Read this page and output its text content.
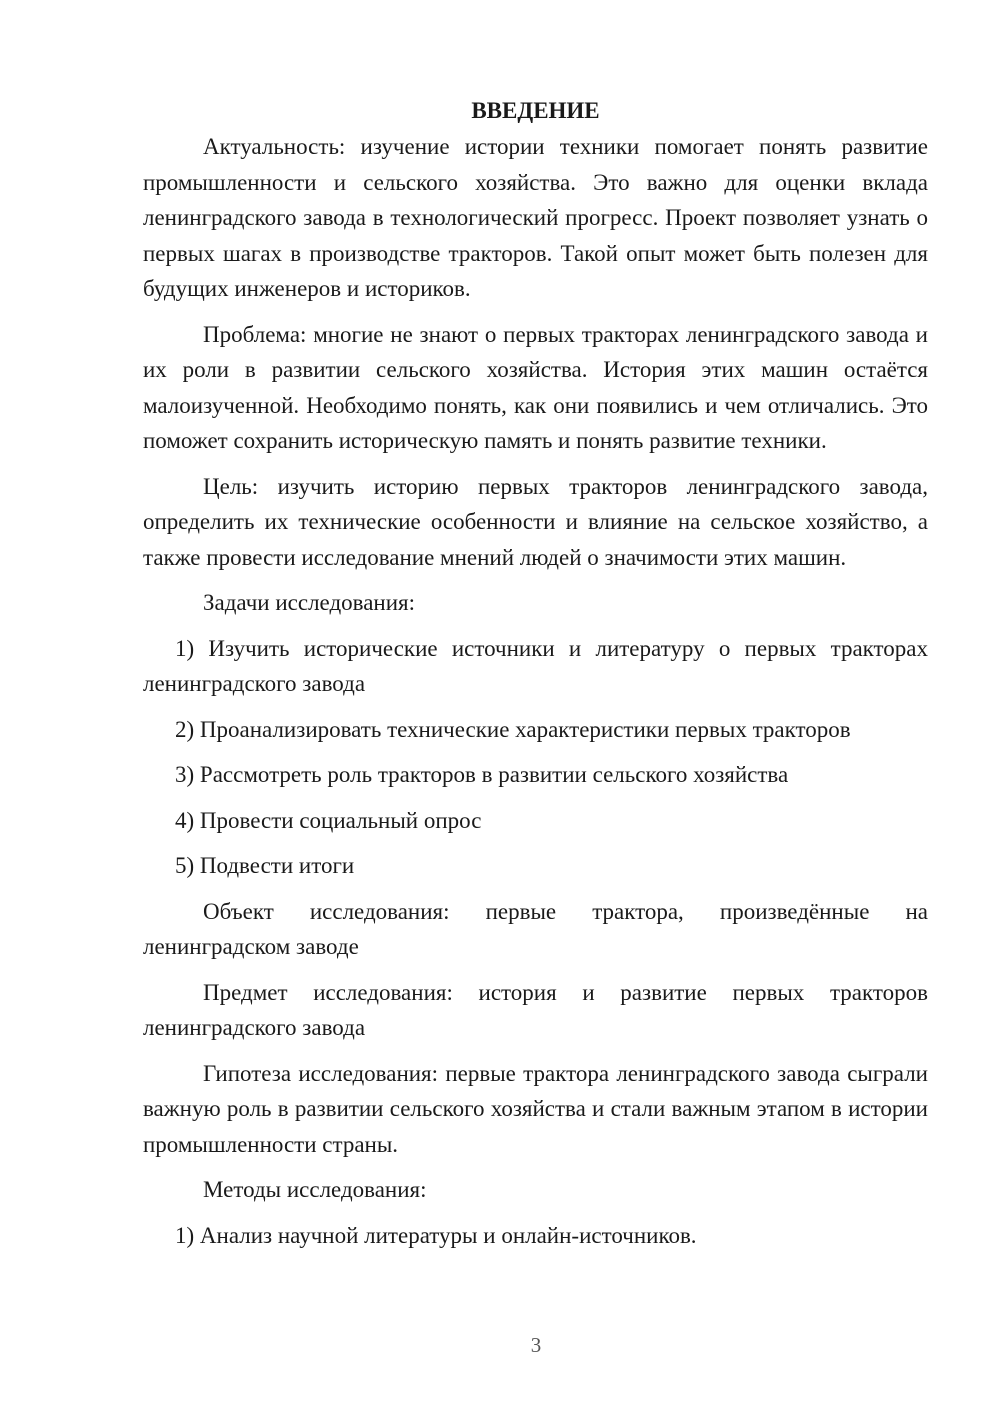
ВВЕДЕНИЕ
Актуальность: изучение истории техники помогает понять развитие промышленности и сельского хозяйства. Это важно для оценки вклада ленинградского завода в технологический прогресс. Проект позволяет узнать о первых шагах в производстве тракторов. Такой опыт может быть полезен для будущих инженеров и историков.
Проблема: многие не знают о первых тракторах ленинградского завода и их роли в развитии сельского хозяйства. История этих машин остаётся малоизученной. Необходимо понять, как они появились и чем отличались. Это поможет сохранить историческую память и понять развитие техники.
Цель: изучить историю первых тракторов ленинградского завода, определить их технические особенности и влияние на сельское хозяйство, а также провести исследование мнений людей о значимости этих машин.
Задачи исследования:
1) Изучить исторические источники и литературу о первых тракторах ленинградского завода
2) Проанализировать технические характеристики первых тракторов
3) Рассмотреть роль тракторов в развитии сельского хозяйства
4) Провести социальный опрос
5) Подвести итоги
Объект исследования: первые трактора, произведённые на ленинградском заводе
Предмет исследования: история и развитие первых тракторов ленинградского завода
Гипотеза исследования: первые трактора ленинградского завода сыграли важную роль в развитии сельского хозяйства и стали важным этапом в истории промышленности страны.
Методы исследования:
1) Анализ научной литературы и онлайн-источников.
3
